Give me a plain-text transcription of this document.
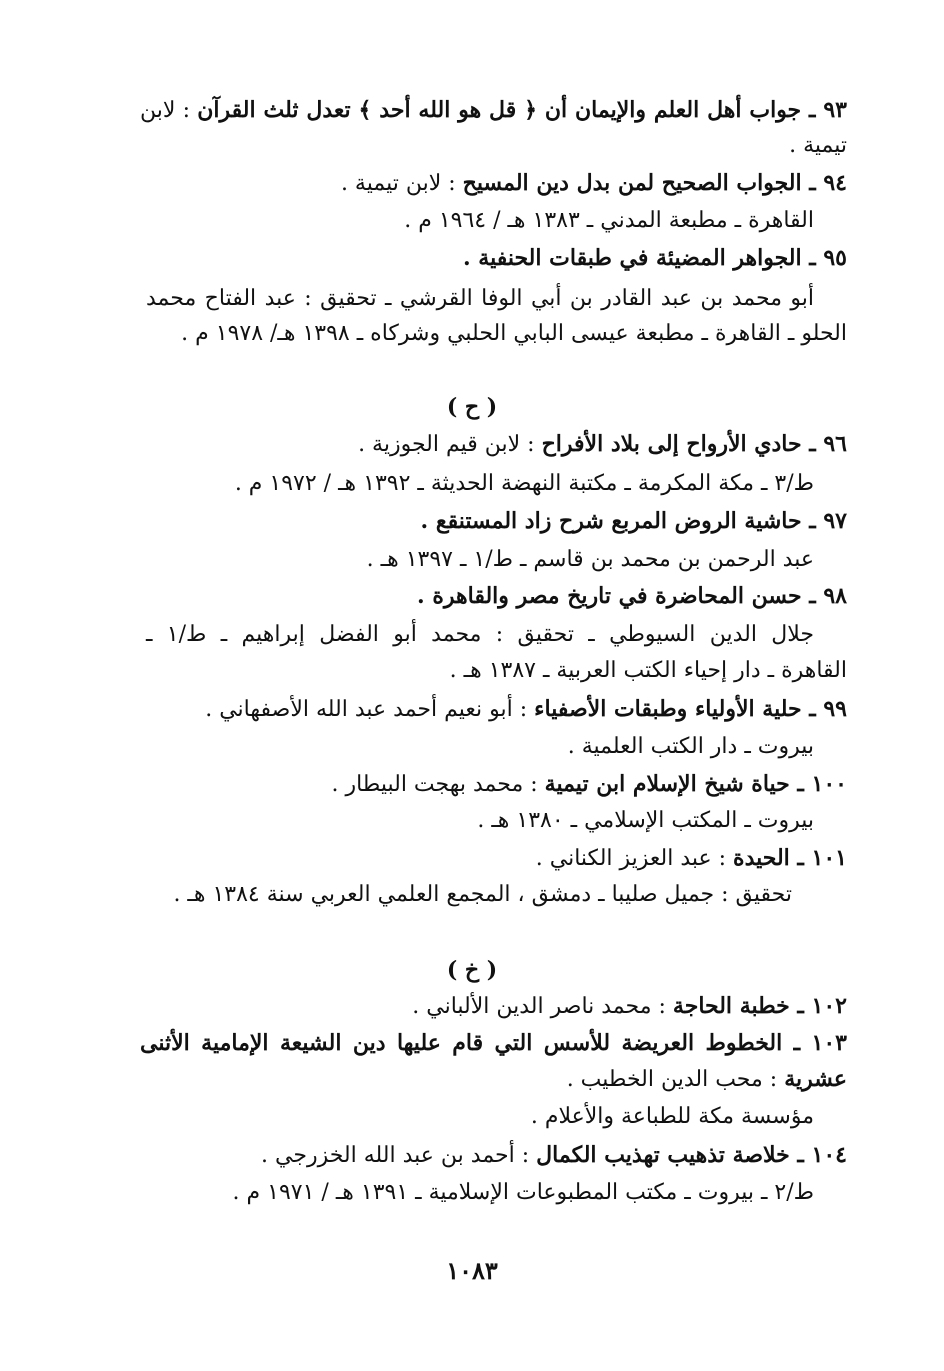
٩٣ ـ جواب أهل العلم والإيمان أن ﴿ قل هو الله أحد ﴾ تعدل ثلث القرآن : لابن
تيمية .
٩٤ ـ الجواب الصحيح لمن بدل دين المسيح : لابن تيمية .
القاهرة ـ مطبعة المدني ـ ١٣٨٣ هـ / ١٩٦٤ م .
٩٥ ـ الجواهر المضيئة في طبقات الحنفية .
أبو محمد بن عبد القادر بن أبي الوفا القرشي ـ تحقيق : عبد الفتاح محمد
الحلو ـ القاهرة ـ مطبعة عيسى البابي الحلبي وشركاه ـ ١٣٩٨ هـ/ ١٩٧٨ م .
( ح )
٩٦ ـ حادي الأرواح إلى بلاد الأفراح : لابن قيم الجوزية .
ط/٣ ـ مكة المكرمة ـ مكتبة النهضة الحديثة ـ ١٣٩٢ هـ / ١٩٧٢ م .
٩٧ ـ حاشية الروض المربع شرح زاد المستنقع .
عبد الرحمن بن محمد بن قاسم ـ ط/١ ـ ١٣٩٧ هـ .
٩٨ ـ حسن المحاضرة في تاريخ مصر والقاهرة .
جلال الدين السيوطي ـ تحقيق : محمد أبو الفضل إبراهيم ـ ط/١ ـ
القاهرة ـ دار إحياء الكتب العربية ـ ١٣٨٧ هـ .
٩٩ ـ حلية الأولياء وطبقات الأصفياء : أبو نعيم أحمد عبد الله الأصفهاني .
بيروت ـ دار الكتب العلمية .
١٠٠ ـ حياة شيخ الإسلام ابن تيمية : محمد بهجت البيطار .
بيروت ـ المكتب الإسلامي ـ ١٣٨٠ هـ .
١٠١ ـ الحيدة : عبد العزيز الكناني .
تحقيق : جميل صليبا ـ دمشق ، المجمع العلمي العربي سنة ١٣٨٤ هـ .
( خ )
١٠٢ ـ خطبة الحاجة : محمد ناصر الدين الألباني .
١٠٣ ـ الخطوط العريضة للأسس التي قام عليها دين الشيعة الإمامية الأثنى
عشرية : محب الدين الخطيب .
مؤسسة مكة للطباعة والأعلام .
١٠٤ ـ خلاصة تذهيب تهذيب الكمال : أحمد بن عبد الله الخزرجي .
ط/٢ ـ بيروت ـ مكتب المطبوعات الإسلامية ـ ١٣٩١ هـ / ١٩٧١ م .
١٠٨٣
